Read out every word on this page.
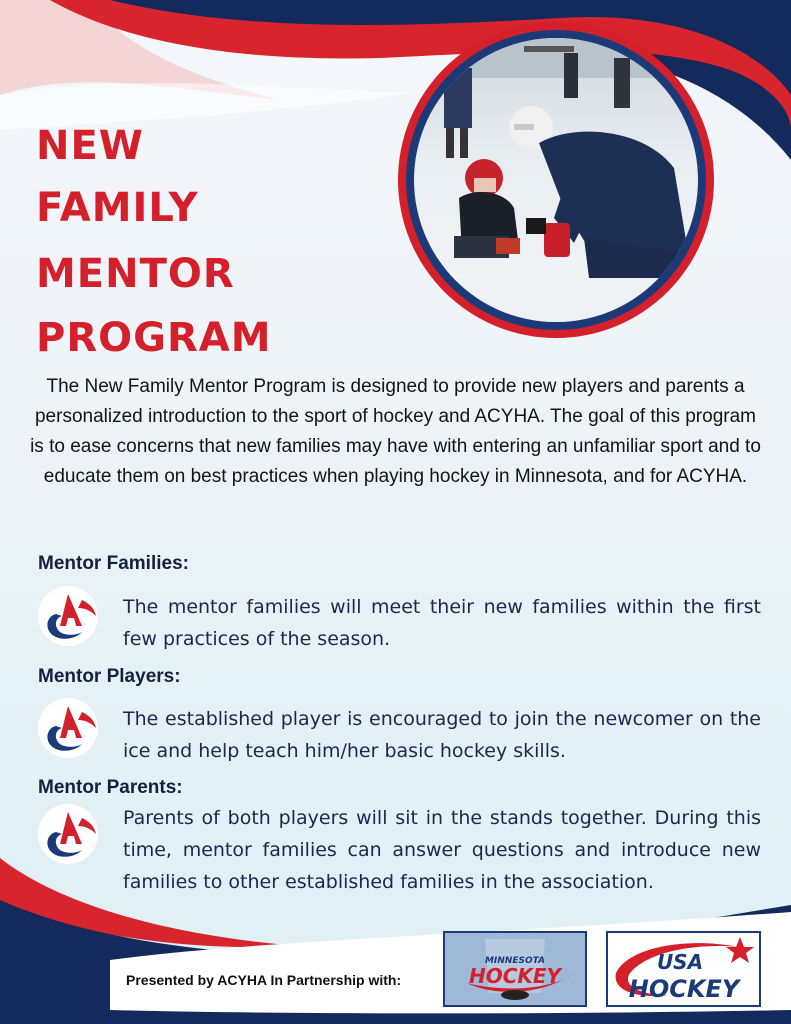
NEW
FAMILY
MENTOR
PROGRAM

The New Family Mentor Program is designed to provide new players and parents a personalized introduction to the sport of hockey and ACYHA. The goal of this program is to ease concerns that new families may have with entering an unfamiliar sport and to educate them on best practices when playing hockey in Minnesota, and for ACYHA.

Mentor Families:

The mentor families will meet their new families within the first few practices of the season.

Mentor Players:

The established player is encouraged to join the newcomer on the ice and help teach him/her basic hockey skills.

Mentor Parents:

Parents of both players will sit in the stands together. During this time, mentor families can answer questions and introduce new families to other established families in the association.

Presented by ACYHA In Partnership with:

MINNESOTA
HOCKEY
USA
HOCKEY
